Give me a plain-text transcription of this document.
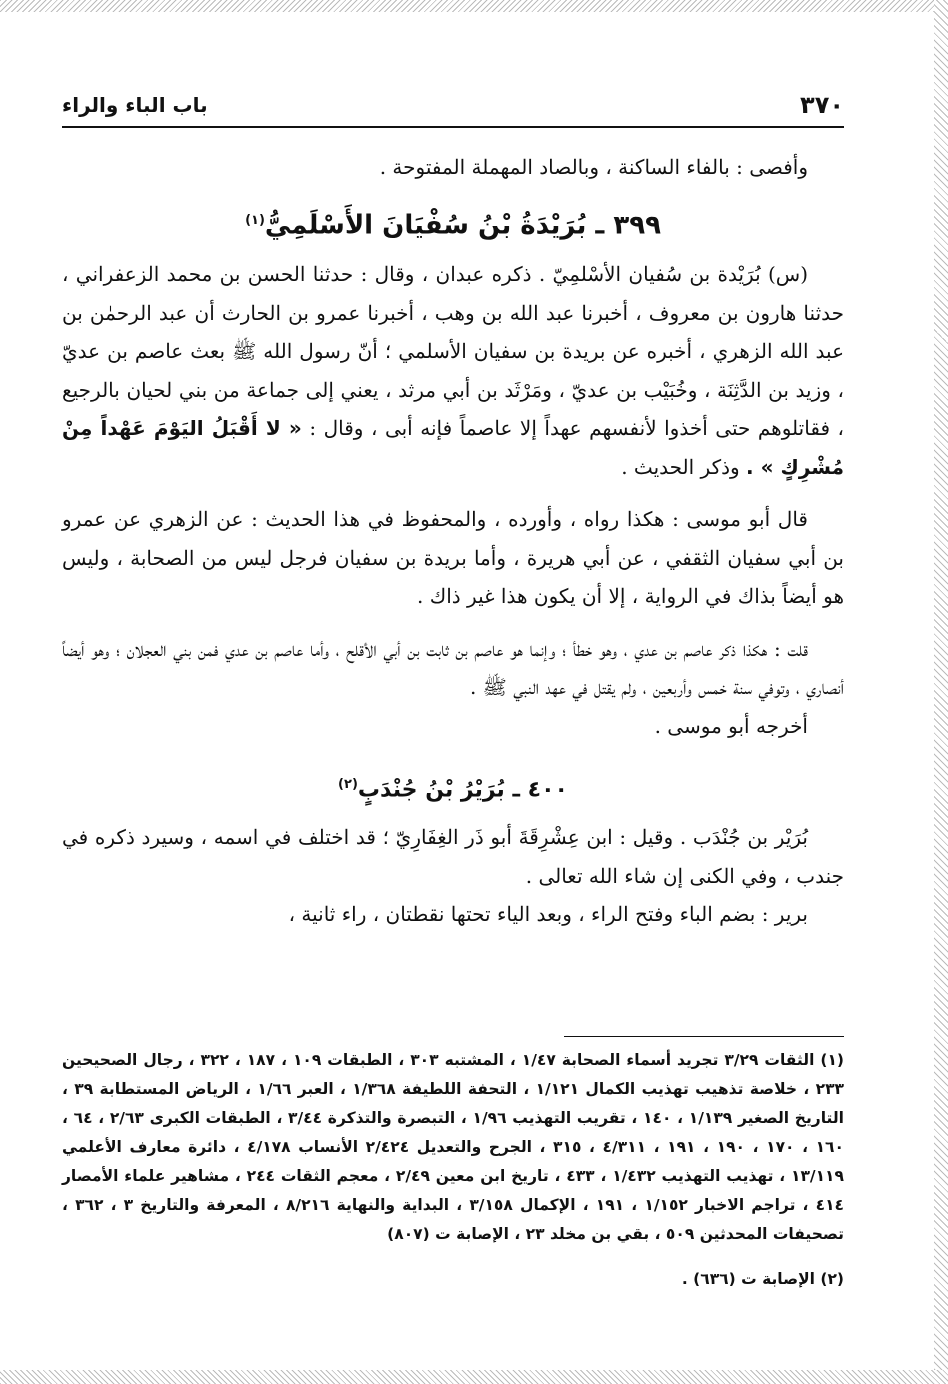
٣٧٠
باب الباء والراء

وأفصى : بالفاء الساكنة ، وبالصاد المهملة المفتوحة .

٣٩٩ ـ بُرَيْدَةُ بْنُ سُفْيَانَ الأَسْلَمِيُّ$^{(١)}$

(س) بُرَيْدة بن سُفيان الأسْلمِيّ . ذكره عبدان ، وقال : حدثنا الحسن بن محمد الزعفراني ، حدثنا هارون بن معروف ، أخبرنا عبد الله بن وهب ، أخبرنا عمرو بن الحارث أن عبد الرحمٰن بن عبد الله الزهري ، أخبره عن بريدة بن سفيان الأسلمي ؛ أنّ رسول الله ﷺ بعث عاصم بن عديّ ، وزيد بن الدَّثِنَة ، وخُبَيْب بن عديّ ، ومَرْثَد بن أبي مرثد ، يعني إلى جماعة من بني لحيان بالرجيع ، فقاتلوهم حتى أخذوا لأنفسهم عهداً إلا عاصماً فإنه أبى ، وقال : « لا أَقْبَلُ اليَوْمَ عَهْداً مِنْ مُشْرِكٍ » . وذكر الحديث .

قال أبو موسى : هكذا رواه ، وأورده ، والمحفوظ في هذا الحديث : عن الزهري عن عمرو بن أبي سفيان الثقفي ، عن أبي هريرة ، وأما بريدة بن سفيان فرجل ليس من الصحابة ، وليس هو أيضاً بذاك في الرواية ، إلا أن يكون هذا غير ذاك .

قلت : هكذا ذكر عاصم بن عدي ، وهو خطأ ؛ وإنما هو عاصم بن ثابت بن أبي الأقلح ، وأما عاصم بن عدي فمن بني العجلان ؛ وهو أيضاً أنصاري ، وتوفي سنة خمس وأربعين ، ولم يقتل في عهد النبي ﷺ .

أخرجه أبو موسى .

٤٠٠ ـ بُرَيْرُ بْنُ جُنْدَبٍ$^{(٢)}$

بُرَيْر بن جُنْدَب . وقيل : ابن عِشْرِقَةَ أبو ذَر الغِفَارِيّ ؛ قد اختلف في اسمه ، وسيرد ذكره في جندب ، وفي الكنى إن شاء الله تعالى .

برير : بضم الباء وفتح الراء ، وبعد الياء تحتها نقطتان ، راء ثانية ،

(١) الثقات ٣/٢٩ تجريد أسماء الصحابة ١/٤٧ ، المشتبه ٣٠٣ ، الطبقات ١٠٩ ، ١٨٧ ، ٣٢٢ ، رجال الصحيحين ٢٣٣ ، خلاصة تذهيب تهذيب الكمال ١/١٢١ ، التحفة اللطيفة ١/٣٦٨ ، العبر ١/٦٦ ، الرياض المستطابة ٣٩ ، التاريخ الصغير ١/١٣٩ ، ١٤٠ ، تقريب التهذيب ١/٩٦ ، التبصرة والتذكرة ٣/٤٤ ، الطبقات الكبرى ٢/٦٣ ، ٦٤ ، ١٦٠ ، ١٧٠ ، ١٩٠ ، ١٩١ ، ٤/٣١١ ، ٣١٥ ، الجرح والتعديل ٢/٤٢٤ الأنساب ٤/١٧٨ ، دائرة معارف الأعلمي ١٣/١١٩ ، تهذيب التهذيب ١/٤٣٢ ، ٤٣٣ ، تاريخ ابن معين ٢/٤٩ ، معجم الثقات ٢٤٤ ، مشاهير علماء الأمصار ٤١٤ ، تراجم الاخبار ١/١٥٢ ، ١٩١ ، الإكمال ٣/١٥٨ ، البداية والنهاية ٨/٢١٦ ، المعرفة والتاريخ ٣ ، ٣٦٢ ، تصحيفات المحدثين ٥٠٩ ، بقي بن مخلد ٢٣ ، الإصابة ت (٨٠٧)

(٢) الإصابة ت (٦٣٦) .
